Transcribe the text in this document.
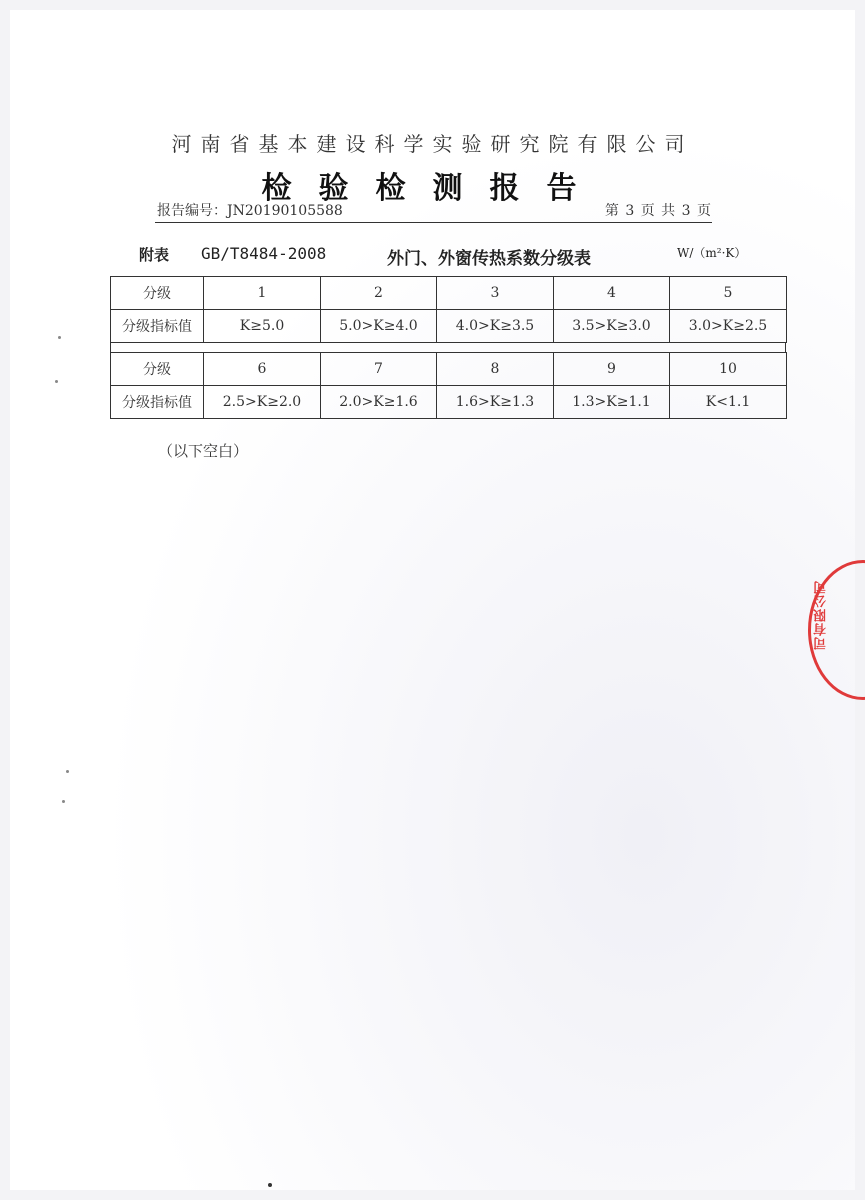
河南省基本建设科学实验研究院有限公司
检验检测报告
报告编号：JN20190105588	第 3 页 共 3 页
附表 GB/T8484-2008	外门、外窗传热系数分级表	W/（m²·K）
分级	1	2	3	4	5
分级指标值	K≥5.0	5.0>K≥4.0	4.0>K≥3.5	3.5>K≥3.0	3.0>K≥2.5
分级	6	7	8	9	10
分级指标值	2.5>K≥2.0	2.0>K≥1.6	1.6>K≥1.3	1.3>K≥1.1	K<1.1
（以下空白）
司有限公司
